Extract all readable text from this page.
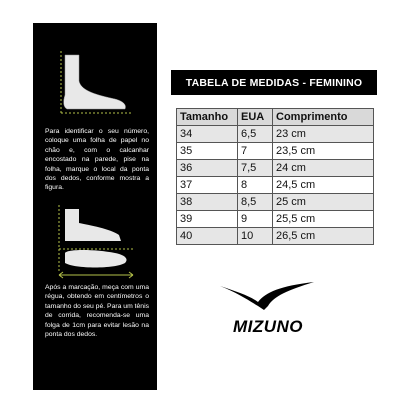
Para identificar o seu número, coloque uma folha de papel no chão e, com o calcanhar encostado na parede, pise na folha, marque o local da ponta dos dedos, conforme mostra a figura.
Após a marcação, meça com uma régua, obtendo em centímetros o tamanho do seu pé. Para um tênis de corrida, recomenda-se uma folga de 1cm para evitar lesão na ponta dos dedos.
TABELA DE MEDIDAS - FEMININO
Tamanho	EUA	Comprimento
34	6,5	23 cm
35	7	23,5 cm
36	7,5	24 cm
37	8	24,5 cm
38	8,5	25 cm
39	9	25,5 cm
40	10	26,5 cm
MIZUNO
